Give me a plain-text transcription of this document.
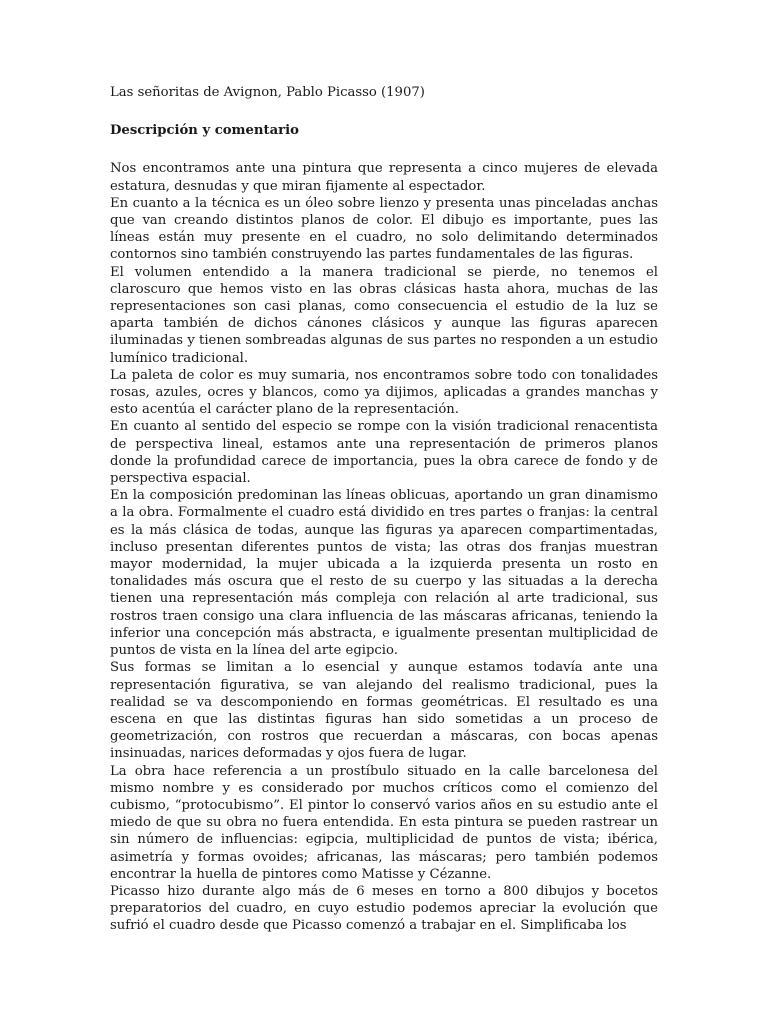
Las señoritas de Avignon, Pablo Picasso (1907)

Descripción y comentario

Nos encontramos ante una pintura que representa a cinco mujeres de elevada estatura, desnudas y que miran fijamente al espectador.

En cuanto a la técnica es un óleo sobre lienzo y presenta unas pinceladas anchas que van creando distintos planos de color. El dibujo es importante, pues las líneas están muy presente en el cuadro, no solo delimitando determinados contornos sino también construyendo las partes fundamentales de las figuras.

El volumen entendido a la manera tradicional se pierde, no tenemos el claroscuro que hemos visto en las obras clásicas hasta ahora, muchas de las representaciones son casi planas, como consecuencia el estudio de la luz se aparta también de dichos cánones clásicos y aunque las figuras aparecen iluminadas y tienen sombreadas algunas de sus partes no responden a un estudio lumínico tradicional.

La paleta de color es muy sumaria, nos encontramos sobre todo con tonalidades rosas, azules, ocres y blancos, como ya dijimos, aplicadas a grandes manchas y esto acentúa el carácter plano de la representación.

En cuanto al sentido del especio se rompe con la visión tradicional renacentista de perspectiva lineal, estamos ante una representación de primeros planos donde la profundidad carece de importancia, pues la obra carece de fondo y de perspectiva espacial.

En la composición predominan las líneas oblicuas, aportando un gran dinamismo a la obra. Formalmente el cuadro está dividido en tres partes o franjas: la central es la más clásica de todas, aunque las figuras ya aparecen compartimentadas, incluso presentan diferentes puntos de vista; las otras dos franjas muestran mayor modernidad, la mujer ubicada a la izquierda presenta un rosto en tonalidades más oscura que el resto de su cuerpo y las situadas a la derecha tienen una representación más compleja con relación al arte tradicional, sus rostros traen consigo una clara influencia de las máscaras africanas, teniendo la inferior una concepción más abstracta, e igualmente presentan multiplicidad de puntos de vista en la línea del arte egipcio.

Sus formas se limitan a lo esencial y aunque estamos todavía ante una representación figurativa, se van alejando del realismo tradicional, pues la realidad se va descomponiendo en formas geométricas. El resultado es una escena en que las distintas figuras han sido sometidas a un proceso de geometrización, con rostros que recuerdan a máscaras, con bocas apenas insinuadas, narices deformadas y ojos fuera de lugar.

La obra hace referencia a un prostíbulo situado en la calle barcelonesa del mismo nombre y es considerado por muchos críticos como el comienzo del cubismo, “protocubismo”. El pintor lo conservó varios años en su estudio ante el miedo de que su obra no fuera entendida. En esta pintura se pueden rastrear un sin número de influencias: egipcia, multiplicidad de puntos de vista; ibérica, asimetría y formas ovoides; africanas, las máscaras; pero también podemos encontrar la huella de pintores como Matisse y Cézanne.

Picasso hizo durante algo más de 6 meses en torno a 800 dibujos y bocetos preparatorios del cuadro, en cuyo estudio podemos apreciar la evolución que sufrió el cuadro desde que Picasso comenzó a trabajar en el. Simplificaba los
